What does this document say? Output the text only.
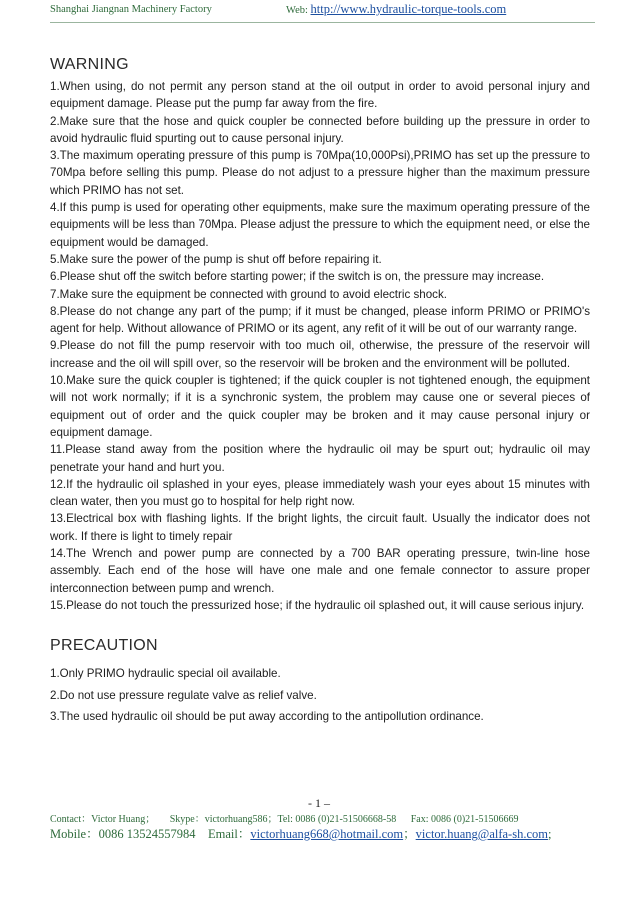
Shanghai Jiangnan Machinery Factory	Web: http://www.hydraulic-torque-tools.com
WARNING

1.When using, do not permit any person stand at the oil output in order to avoid personal injury and equipment damage. Please put the pump far away from the fire.

2.Make sure that the hose and quick coupler be connected before building up the pressure in order to avoid hydraulic fluid spurting out to cause personal injury.

3.The maximum operating pressure of this pump is 70Mpa(10,000Psi),PRIMO has set up the pressure to 70Mpa before selling this pump. Please do not adjust to a pressure higher than the maximum pressure which PRIMO has not set.

4.If this pump is used for operating other equipments, make sure the maximum operating pressure of the equipments will be less than 70Mpa. Please adjust the pressure to which the equipment need, or else the equipment would be damaged.

5.Make sure the power of the pump is shut off before repairing it.

6.Please shut off the switch before starting power; if the switch is on, the pressure may increase.

7.Make sure the equipment be connected with ground to avoid electric shock.

8.Please do not change any part of the pump; if it must be changed, please inform PRIMO or PRIMO's agent for help. Without allowance of PRIMO or its agent, any refit of it will be out of our warranty range.

9.Please do not fill the pump reservoir with too much oil, otherwise, the pressure of the reservoir will increase and the oil will spill over, so the reservoir will be broken and the environment will be polluted.

10.Make sure the quick coupler is tightened; if the quick coupler is not tightened enough, the equipment will not work normally; if it is a synchronic system, the problem may cause one or several pieces of equipment out of order and the quick coupler may be broken and it may cause personal injury or equipment damage.

11.Please stand away from the position where the hydraulic oil may be spurt out; hydraulic oil may penetrate your hand and hurt you.

12.If the hydraulic oil splashed in your eyes, please immediately wash your eyes about 15 minutes with clean water, then you must go to hospital for help right now.

13.Electrical box with flashing lights. If the bright lights, the circuit fault. Usually the indicator does not work. If there is light to timely repair

14.The Wrench and power pump are connected by a 700 BAR operating pressure, twin-line hose assembly. Each end of the hose will have one male and one female connector to assure proper interconnection between pump and wrench.

15.Please do not touch the pressurized hose; if the hydraulic oil splashed out, it will cause serious injury.

PRECAUTION

1.Only PRIMO hydraulic special oil available.

2.Do not use pressure regulate valve as relief valve.

3.The used hydraulic oil should be put away according to the antipollution ordinance.

- 1 –
Contact：Victor Huang； Skype：victorhuang586；Tel: 0086 (0)21-51506668-58 Fax: 0086 (0)21-51506669
Mobile：0086 13524557984 Email：victorhuang668@hotmail.com；victor.huang@alfa-sh.com;
